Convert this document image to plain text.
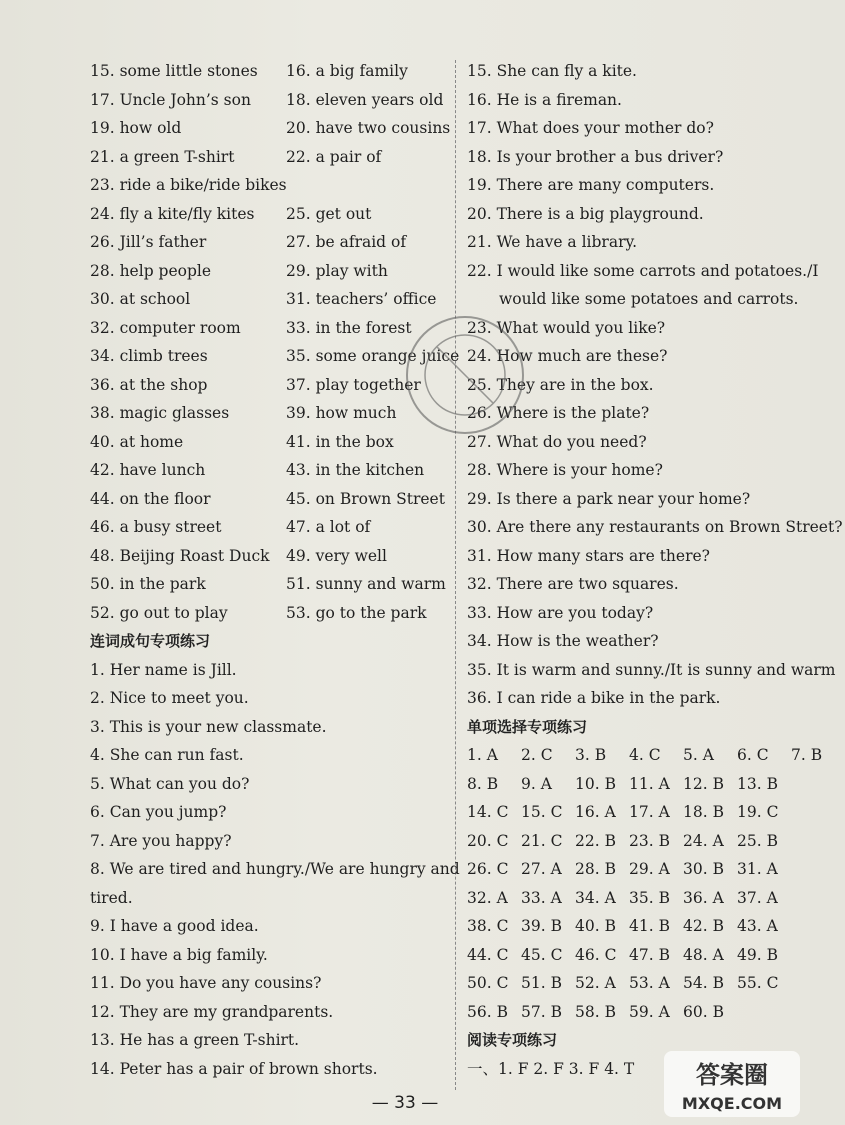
15. some little stones 16. a big family
17. Uncle John’s son 18. eleven years old
19. how old	20. have two cousins
21. a green T-shirt	22. a pair of
23. ride a bike/ride bikes
24. fly a kite/fly kites 25. get out
26. Jill’s father	27. be afraid of
28. help people	29. play with
30. at school	31. teachers’ office
32. computer room	33. in the forest
34. climb trees	35. some orange juice
36. at the shop	37. play together
38. magic glasses	39. how much
40. at home	41. in the box
42. have lunch	43. in the kitchen
44. on the floor	45. on Brown Street
46. a busy street	47. a lot of
48. Beijing Roast Duck 49. very well
50. in the park	51. sunny and warm
52. go out to play	53. go to the park
连词成句专项练习
1. Her name is Jill.
2. Nice to meet you.
3. This is your new classmate.
4. She can run fast.
5. What can you do?
6. Can you jump?
7. Are you happy?
8. We are tired and hungry./We are hungry and
tired.
9. I have a good idea.
10. I have a big family.
11. Do you have any cousins?
12. They are my grandparents.
13. He has a green T-shirt.
14. Peter has a pair of brown shorts.
15. She can fly a kite.
16. He is a fireman.
17. What does your mother do?
18. Is your brother a bus driver?
19. There are many computers.
20. There is a big playground.
21. We have a library.
22. I would like some carrots and potatoes./I
would like some potatoes and carrots.
23. What would you like?
24. How much are these?
25. They are in the box.
26. Where is the plate?
27. What do you need?
28. Where is your home?
29. Is there a park near your home?
30. Are there any restaurants on Brown Street?
31. How many stars are there?
32. There are two squares.
33. How are you today?
34. How is the weather?
35. It is warm and sunny./It is sunny and warm
36. I can ride a bike in the park.
单项选择专项练习
1. A 2. C 3. B 4. C 5. A 6. C 7. B
8. B 9. A 10. B 11. A 12. B 13. B
14. C 15. C 16. A 17. A 18. B 19. C
20. C 21. C 22. B 23. B 24. A 25. B
26. C 27. A 28. B 29. A 30. B 31. A
32. A 33. A 34. A 35. B 36. A 37. A
38. C 39. B 40. B 41. B 42. B 43. A
44. C 45. C 46. C 47. B 48. A 49. B
50. C 51. B 52. A 53. A 54. B 55. C
56. B 57. B 58. B 59. A 60. B
阅读专项练习
一、1. F 2. F 3. F 4. T	答案圈
MXQE.COM
— 33 —
